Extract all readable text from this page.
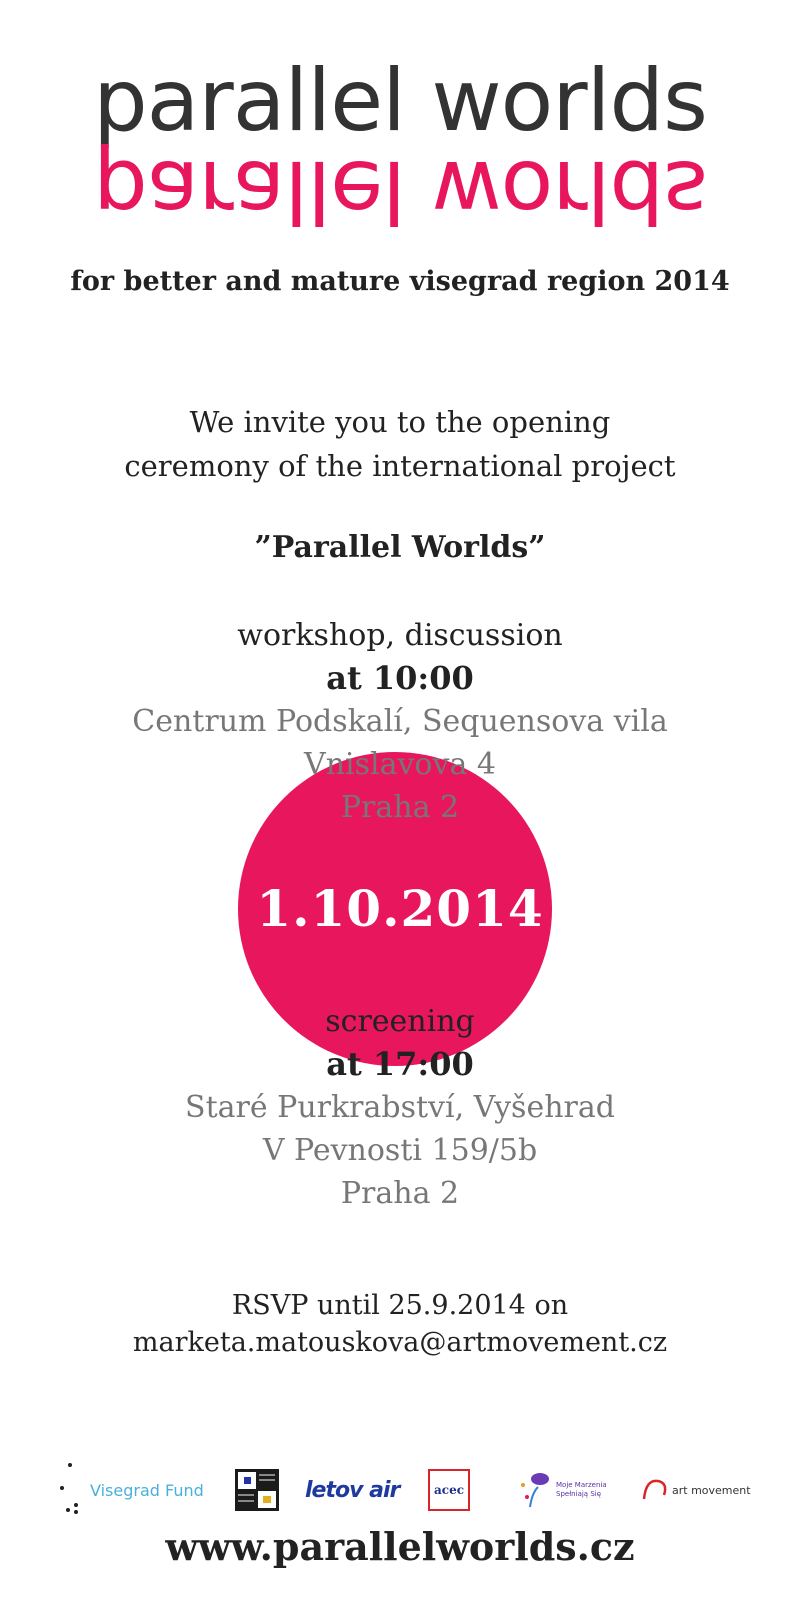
parallel worlds
parallel worlds
for better and mature visegrad region 2014
We invite you to the opening
ceremony of the international project
”Parallel Worlds”
workshop, discussion
at 10:00
Centrum Podskalí, Sequensova vila
Vnislavova 4
Praha 2
1.10.2014
screening
at 17:00
Staré Purkrabství, Vyšehrad
V Pevnosti 159/5b
Praha 2
RSVP until 25.9.2014 on
marketa.matouskova@artmovement.cz
Visegrad Fund	letov air	acec	Moje Marzenia Spełniają Się	art movement
www.parallelworlds.cz
